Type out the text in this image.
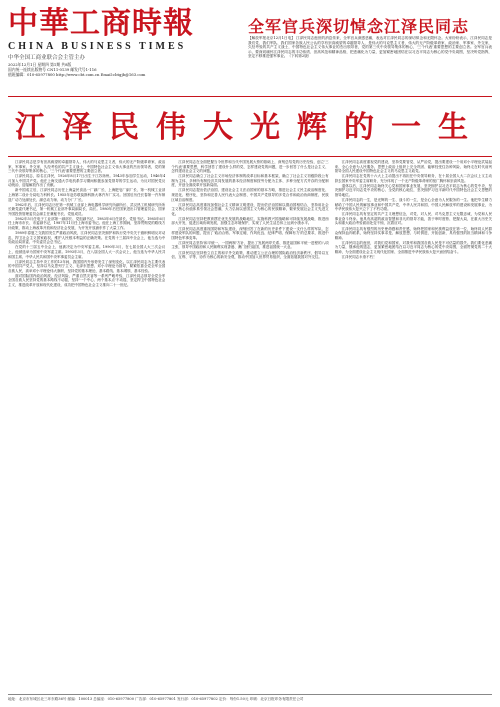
中華工商時報
CHINA BUSINESS TIMES
中华全国工商业联合会主管主办
全军官兵深切悼念江泽民同志
【解放军报北京12月1日电】 江泽民同志逝世的消息传来，全军官兵深感悲痛，表达对江泽民同志的深切悼念和无限怀念。大家纷纷表示，江泽民同志是我们党、我们军队、我们国家各族人民公认的享有崇高威望的卓越领导人，是伟大的马克思主义者，伟大的无产阶级革命家、政治家、军事家、外交家，久经考验的共产主义战士，中国特色社会主义伟大事业的杰出领导者，党的第三代中央领导集体的核心，'三个代表'重要思想的主要创立者。全军官兵表示，要深切缅怀江泽民同志的丰功伟绩、崇高风范和精神品格，把悲痛化为力量，更加紧密地团结在以习近平同志为核心的党中央周围，坚决听党指挥，坚定不移推进强军事业。（下转第2版）
2022年12月1日 星期四 第1期 共8版
国内统一连续出版物号 CN11-0139 邮发代号1-116
值班编辑：010-65977800 http://www.cbt.com.cn Email:cbtgjb@163.com
江泽民伟大光辉的一生

江泽民同志是享有崇高威望的卓越领导人，伟大的马克思主义者，伟大的无产阶级革命家、政治家、军事家、外交家，久经考验的共产主义战士，中国特色社会主义伟大事业的杰出领导者，党的第三代中央领导集体的核心，'三个代表'重要思想的主要创立者。

江泽民同志，原名江泽民，1926年8月17日出生于江苏扬州。1943年参加学生运动，1946年4月加入中国共产党。他在上海交通大学电机系学习期间积极参加党领导的学生运动，为反对国民党反动统治、迎接解放作出了贡献。

新中国成立后，江泽民同志历任上海益民食品一厂副厂长、上海肥皂厂副厂长、第一机械工业部上海第二设计分局电力科科长。1955年赴苏联莫斯科斯大林汽车厂实习。回国后历任长春第一汽车制造厂动力处副处长、副总动力师、动力分厂厂长。

1962年后，江泽民同志历任第一机械工业部上海电器科学研究所副所长、武汉热工机械研究所所长兼党委代理书记，第一机械工业部外事局副局长、局长。1980年后任国家进出口管理委员会、国家外国投资管理委员会副主任兼秘书长、党组成员。

1982年5月任电子工业部第一副部长、党组副书记，1983年6月任部长、党组书记。1985年6月任上海市市长、市委副书记，1987年11月任上海市委书记。他在上海工作期间，坚持贯彻党的路线方针政策，推动上海改革开放和经济社会发展，为开发开放浦东作了大量工作。

1989年春夏之交我国发生严重政治风波，江泽民同志坚决拥护和执行党中央关于旗帜鲜明反对动乱、捍卫社会主义国家政权、维护人民根本利益的正确决策。在党的十三届四中全会上，他当选为中央政治局常委、中央委员会总书记。

在党的十三届五中全会上，他被决定为中央军委主席。1990年3月，在七届全国人大三次会议上，他被选举为国家中央军委主席。1993年3月，在八届全国人大一次会议上，他当选为中华人民共和国主席、中华人民共和国中央军事委员会主席。

江泽民同志主持中央工作的13年间，我国国内外形势发生了深刻变化。以江泽民同志为主要代表的中国共产党人，坚持以马克思列宁主义、毛泽东思想、邓小平理论为指导，紧紧依靠全党全军全国各族人民，高举邓小平理论伟大旗帜，坚持党的基本理论、基本路线、基本纲领、基本经验。

面对国际国内政治风波、经济风险、严重自然灾害等一系列严峻考验，江泽民同志领导全党全军全国各族人民坚持党的基本路线不动摇，坚持'一个中心、两个基本点'不动摇，坚定捍卫中国特色社会主义，推进改革开放和现代化建设，成功把中国特色社会主义推向二十一世纪。

江泽民同志在全面把握当今世界和当代中国发展大势的基础上，深刻总结党的历史经验，创立'三个代表'重要思想，科学回答了建设什么样的党、怎样建设党的问题，进一步回答了什么是社会主义、怎样建设社会主义的问题。

江泽民同志确立了社会主义市场经济体制的改革目标和基本框架，确立了社会主义初级阶段公有制为主体、多种所有制经济共同发展的基本经济制度和按劳分配为主体、多种分配方式并存的分配制度，开创全面改革开放新局面。

江泽民同志提出依法治国、建设社会主义法治国家的基本方略，推进社会主义民主政治制度化、规范化、程序化，坚持和完善人民代表大会制度、中国共产党领导的多党合作和政治协商制度、民族区域自治制度。

江泽民同志高度重视加强社会主义精神文明建设，提出依法治国和以德治国相结合，坚持用社会主义核心价值体系引领社会思潮，大力弘扬以爱国主义为核心的民族精神，繁荣发展社会主义先进文化。

江泽民同志坚持把教育摆在优先发展的战略地位，实施科教兴国战略和可持续发展战略，推进西部大开发，促进区域协调发展，加强生态环境保护，实现了人民生活总体上达到小康水平。

江泽民同志高度重视国防和军队建设，深刻回答了在新的历史条件下建设一支什么样的军队、怎样建设军队的问题，提出了'政治合格、军事过硬、作风优良、纪律严明、保障有力'的总要求，推进中国特色军事变革。

江泽民同志坚持'和平统一、一国两制'方针，提出了发展两岸关系、推进祖国和平统一进程的八项主张，领导中国政府和人民顺利实现香港、澳门回归祖国，推进祖国统一大业。

江泽民同志坚持独立自主的和平外交政策，推动建立公正合理的国际政治经济新秩序，倡导以互信、互利、平等、协作为核心的新安全观，推动中国加入世界贸易组织，全面拓展我国对外交往。

江泽民同志高度重视党的建设，坚持党要管党、从严治党，提出要建设一个用邓小平理论武装起来、全心全意为人民服务、思想上政治上组织上完全巩固、能够经受住各种风险、始终走在时代前列领导全国人民建设中国特色社会主义的马克思主义政党。

江泽民同志在党的十六大上主动提出不再担任中央领导职务，在十届全国人大二次会议上又主动辞去国家中央军委主席职务，充分体现了一个无产阶级革命家的宽广胸怀和崇高风范。

退休以后，江泽民同志始终关心党和国家事业发展，坚决拥护以习近平同志为核心的党中央，坚决拥护习近平同志党中央的核心、全党的核心地位，坚决拥护习近平新时代中国特色社会主义思想的指导地位。

江泽民同志的一生，是光辉的一生、战斗的一生，是全心全意为人民服务的一生。他把毕生精力献给了中国人民的解放事业和中国共产党、中华人民共和国、中国人民解放军的建设和发展事业，为中华民族伟大复兴立下了不朽功勋。

江泽民同志具有坚定的共产主义理想信念，对党、对人民、对马克思主义无限忠诚，为党和人民事业奋斗终身。他具有高超的政治智慧和非凡的领导才能，善于审时度势、把握大局，在重大历史关头和重大政治考验面前处变不惊、沉着应对。

江泽民同志具有强烈的历史使命感和责任感，始终把国家和民族利益放在第一位，始终同人民群众保持血肉联系，始终坚持实事求是、解放思想、与时俱进、开拓创新，具有强烈的担当精神和斗争精神。

江泽民同志的逝世，对我们党和国家、对我军和我国各族人民是不可估量的损失。我们要化悲痛为力量，继承他的遗志，更加紧密地团结在以习近平同志为核心的党中央周围，全面贯彻党的二十大精神，为全面建设社会主义现代化国家、全面推进中华民族伟大复兴而团结奋斗。

江泽民同志永垂不朽！

地址：北京市东城区北三环东路36号 邮编：100013 总编室：010-65977800 广告部：010-65977801 发行部：010-65977802 定价：每份1.50元 印刷：北京日报印务有限责任公司
